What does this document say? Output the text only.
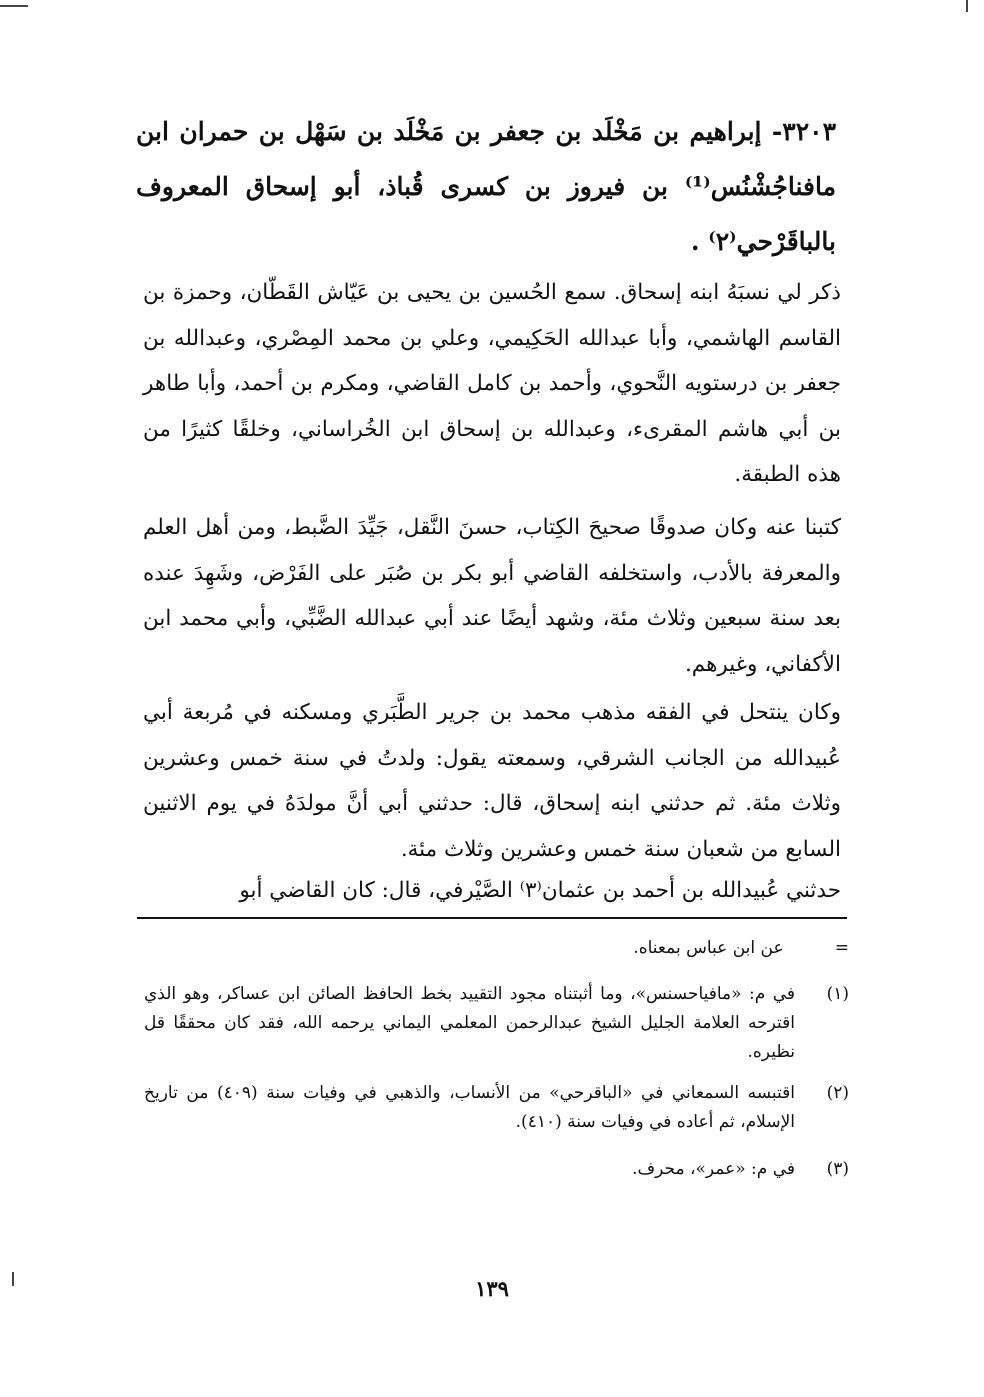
٣٢٠٣- إبراهيم بن مَخْلَد بن جعفر بن مَخْلَد بن سَهْل بن حمران ابن مافناجُشْنُس⁽¹⁾ بن فيروز بن كسرى قُباذ، أبو إسحاق المعروف بالباقَرْحي⁽٢⁾ .

ذكر لي نسبَهُ ابنه إسحاق. سمع الحُسين بن يحيى بن عَيّاش القَطّان، وحمزة بن القاسم الهاشمي، وأبا عبدالله الحَكِيمي، وعلي بن محمد المِصْري، وعبدالله بن جعفر بن درستويه النَّحوي، وأحمد بن كامل القاضي، ومكرم بن أحمد، وأبا طاهر بن أبي هاشم المقرىء، وعبدالله بن إسحاق ابن الخُراساني، وخلقًا كثيرًا من هذه الطبقة.

كتبنا عنه وكان صدوقًا صحيحَ الكِتاب، حسنَ النَّقل، جَيِّدَ الضَّبط، ومن أهل العلم والمعرفة بالأدب، واستخلفه القاضي أبو بكر بن صُبَر على الفَرْض، وشَهِدَ عنده بعد سنة سبعين وثلاث مئة، وشهد أيضًا عند أبي عبدالله الضَّبِّي، وأبي محمد ابن الأكفاني، وغيرهم.

وكان ينتحل في الفقه مذهب محمد بن جرير الطَّبَري ومسكنه في مُربعة أبي عُبيدالله من الجانب الشرقي، وسمعته يقول: ولدتُ في سنة خمس وعشرين وثلاث مئة. ثم حدثني ابنه إسحاق، قال: حدثني أبي أنَّ مولدَهُ في يوم الاثنين السابع من شعبان سنة خمس وعشرين وثلاث مئة.

حدثني عُبيدالله بن أحمد بن عثمان⁽٣⁾ الصَّيْرفي، قال: كان القاضي أبو

= عن ابن عباس بمعناه.
(١)
في م: «مافياحسنس»، وما أثبتناه مجود التقييد بخط الحافظ الصائن ابن عساكر، وهو الذي اقترحه العلامة الجليل الشيخ عبدالرحمن المعلمي اليماني يرحمه الله، فقد كان محققًا قل نظيره.
(٢)
اقتبسه السمعاني في «الباقرحي» من الأنساب، والذهبي في وفيات سنة (٤٠٩) من تاريخ الإسلام، ثم أعاده في وفيات سنة (٤١٠).
(٣)
في م: «عمر»، محرف.
١٣٩
